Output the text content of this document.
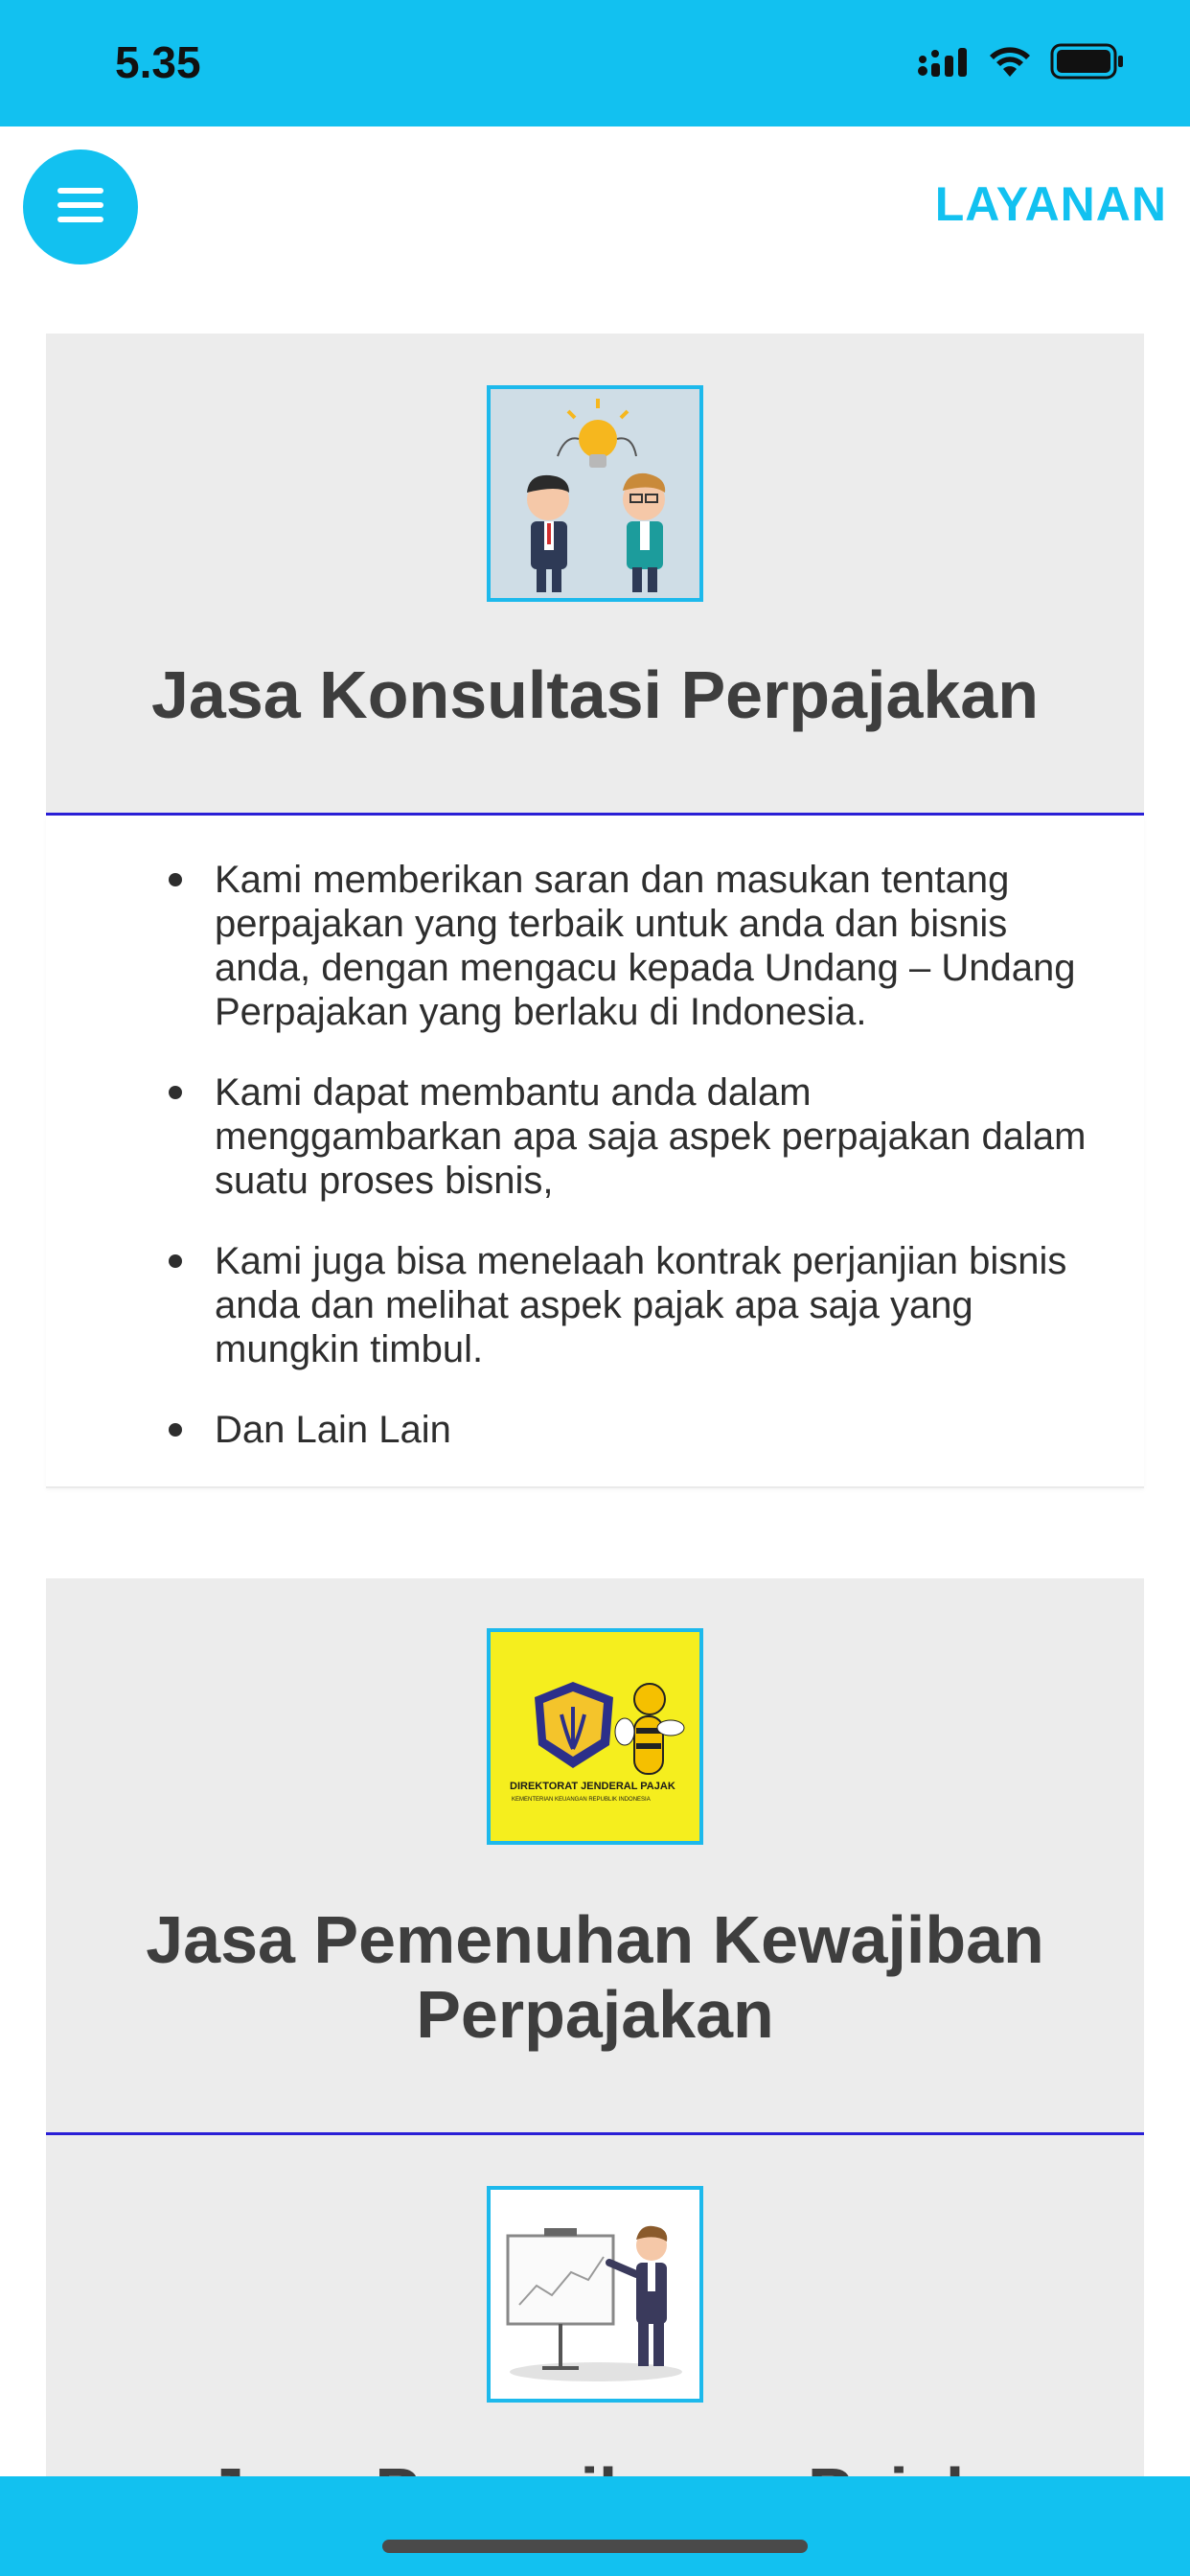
5.35
LAYANAN
Jasa Konsultasi Perpajakan
Kami memberikan saran dan masukan tentang perpajakan yang terbaik untuk anda dan bisnis anda, dengan mengacu kepada Undang – Undang Perpajakan yang berlaku di Indonesia.
Kami dapat membantu anda dalam menggambarkan apa saja aspek perpajakan dalam suatu proses bisnis,
Kami juga bisa menelaah kontrak perjanjian bisnis anda dan melihat aspek pajak apa saja yang mungkin timbul.
Dan Lain Lain
DIREKTORAT JENDERAL PAJAK
KEMENTERIAN KEUANGAN REPUBLIK INDONESIA
Jasa Pemenuhan Kewajiban Perpajakan
